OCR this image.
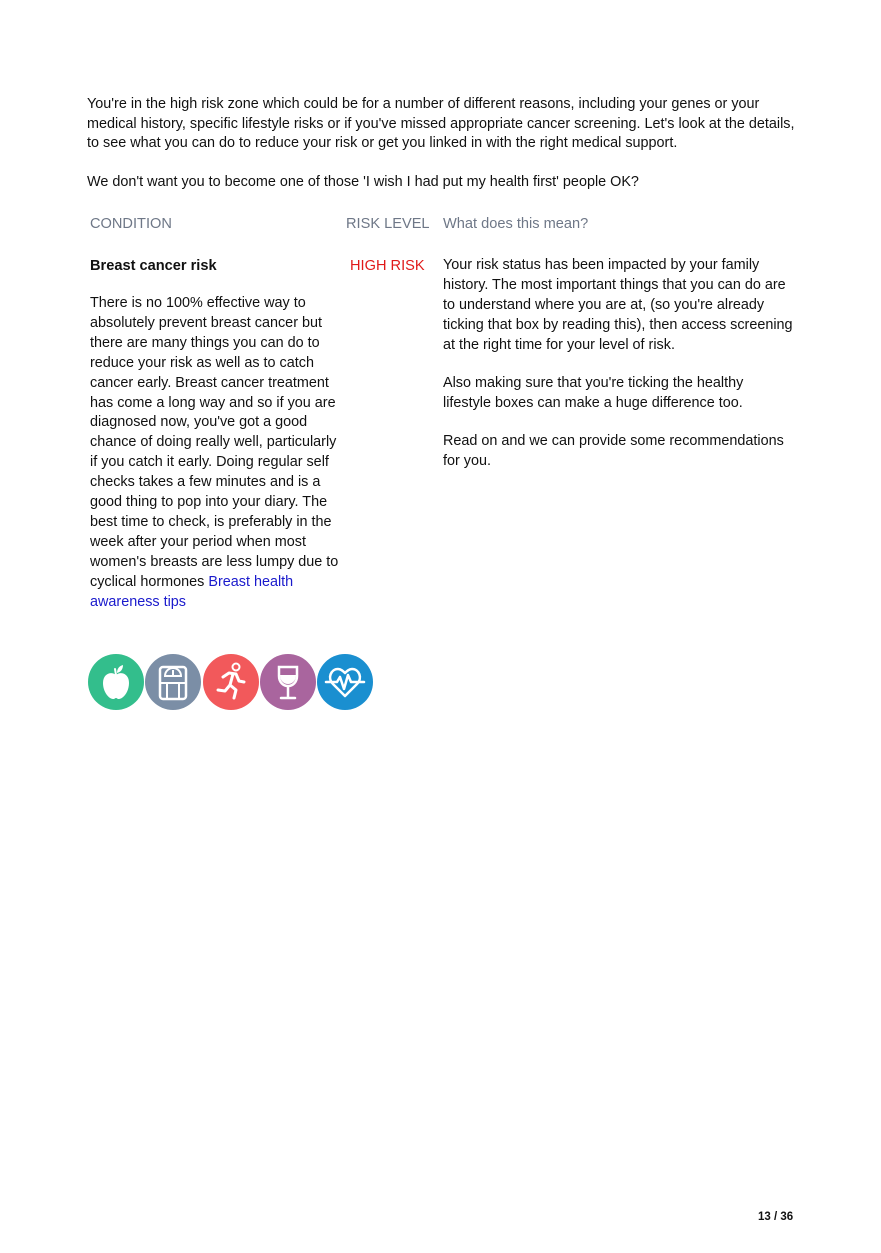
You're in the high risk zone which could be for a number of different reasons, including your genes or your medical history, specific lifestyle risks or if you've missed appropriate cancer screening. Let's look at the details, to see what you can do to reduce your risk or get you linked in with the right medical support.

We don't want you to become one of those 'I wish I had put my health first' people OK?

CONDITION	RISK LEVEL What does this mean?
Breast cancer risk
There is no 100% effective way to absolutely prevent breast cancer but there are many things you can do to reduce your risk as well as to catch cancer early. Breast cancer treatment has come a long way and so if you are diagnosed now, you've got a good chance of doing really well, particularly if you catch it early. Doing regular self checks takes a few minutes and is a good thing to pop into your diary. The best time to check, is preferably in the week after your period when most women's breasts are less lumpy due to cyclical hormones Breast health awareness tips
HIGH RISK Your risk status has been impacted by your family history. The most important things that you can do are to understand where you are at, (so you're already ticking that box by reading this), then access screening at the right time for your level of risk.

Also making sure that you're ticking the healthy lifestyle boxes can make a huge difference too.

Read on and we can provide some recommendations for you.

13 / 36
